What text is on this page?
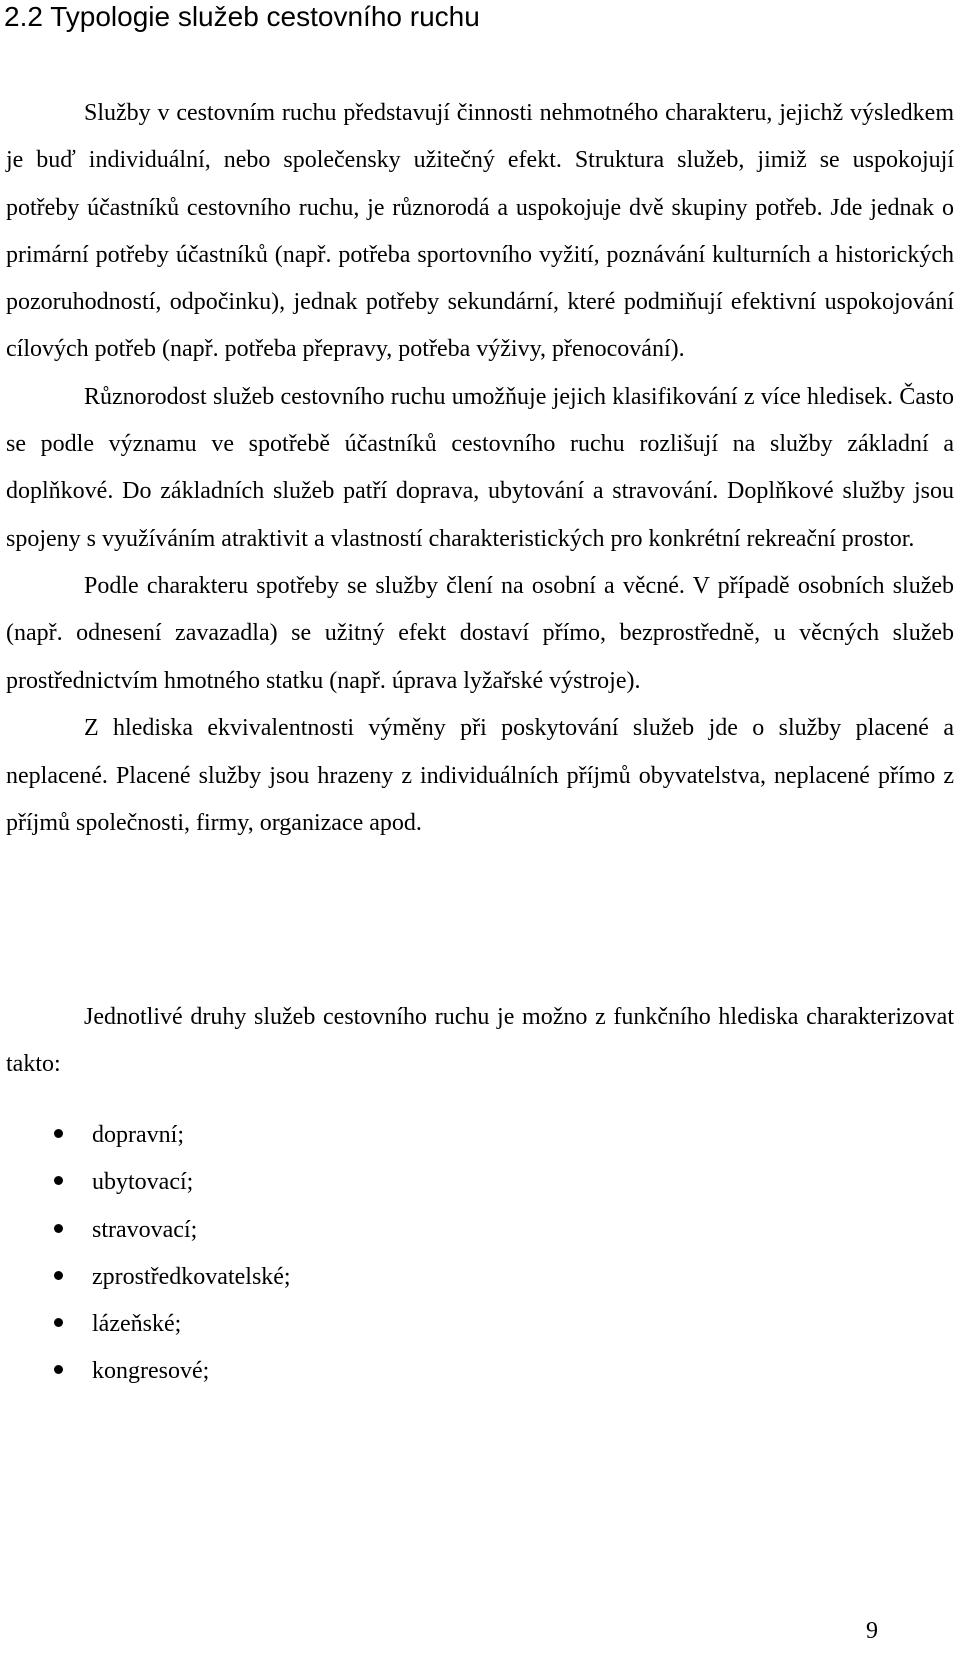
2.2 Typologie služeb cestovního ruchu

Služby v cestovním ruchu představují činnosti nehmotného charakteru, jejichž výsledkem je buď individuální, nebo společensky užitečný efekt. Struktura služeb, jimiž se uspokojují potřeby účastníků cestovního ruchu, je různorodá a uspokojuje dvě skupiny potřeb. Jde jednak o primární potřeby účastníků (např. potřeba sportovního vyžití, poznávání kulturních a historických pozoruhodností, odpočinku), jednak potřeby sekundární, které podmiňují efektivní uspokojování cílových potřeb (např. potřeba přepravy, potřeba výživy, přenocování).

Různorodost služeb cestovního ruchu umožňuje jejich klasifikování z více hledisek. Často se podle významu ve spotřebě účastníků cestovního ruchu rozlišují na služby základní a doplňkové. Do základních služeb patří doprava, ubytování a stravování. Doplňkové služby jsou spojeny s využíváním atraktivit a vlastností charakteristických pro konkrétní rekreační prostor.

Podle charakteru spotřeby se služby člení na osobní a věcné. V případě osobních služeb (např. odnesení zavazadla) se užitný efekt dostaví přímo, bezprostředně, u věcných služeb prostřednictvím hmotného statku (např. úprava lyžařské výstroje).

Z hlediska ekvivalentnosti výměny při poskytování služeb jde o služby placené a neplacené. Placené služby jsou hrazeny z individuálních příjmů obyvatelstva, neplacené přímo z příjmů společnosti, firmy, organizace apod.

Jednotlivé druhy služeb cestovního ruchu je možno z funkčního hlediska charakterizovat takto:

dopravní;
ubytovací;
stravovací;
zprostředkovatelské;
lázeňské;
kongresové;
9
